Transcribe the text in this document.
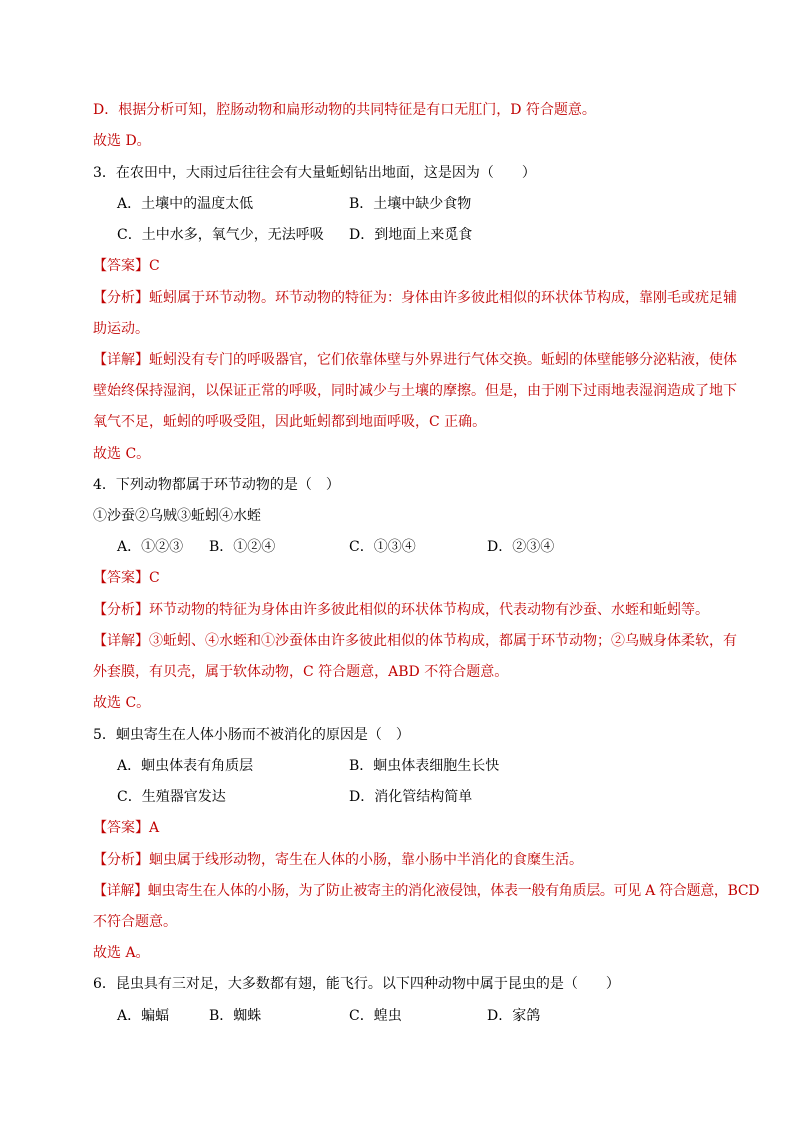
D．根据分析可知，腔肠动物和扁形动物的共同特征是有口无肛门，D 符合题意。
故选 D。
3．在农田中，大雨过后往往会有大量蚯蚓钻出地面，这是因为（　　）
A．土壤中的温度太低	B．土壤中缺少食物
C．土中水多，氧气少，无法呼吸 D．到地面上来觅食
【答案】C
【分析】蚯蚓属于环节动物。环节动物的特征为：身体由许多彼此相似的环状体节构成，靠刚毛或疣足辅
助运动。
【详解】蚯蚓没有专门的呼吸器官，它们依靠体壁与外界进行气体交换。蚯蚓的体壁能够分泌粘液，使体
壁始终保持湿润，以保证正常的呼吸，同时减少与土壤的摩擦。但是，由于刚下过雨地表湿润造成了地下
氧气不足，蚯蚓的呼吸受阻，因此蚯蚓都到地面呼吸，C 正确。
故选 C。
4．下列动物都属于环节动物的是（　）
①沙蚕②乌贼③蚯蚓④水蛭
A．①②③ B．①②④	C．①③④	D．②③④
【答案】C
【分析】环节动物的特征为身体由许多彼此相似的环状体节构成，代表动物有沙蚕、水蛭和蚯蚓等。
【详解】③蚯蚓、④水蛭和①沙蚕体由许多彼此相似的体节构成，都属于环节动物；②乌贼身体柔软，有
外套膜，有贝壳，属于软体动物，C 符合题意，ABD 不符合题意。
故选 C。
5．蛔虫寄生在人体小肠而不被消化的原因是（　）
A．蛔虫体表有角质层	B．蛔虫体表细胞生长快
C．生殖器官发达	D．消化管结构简单
【答案】A
【分析】蛔虫属于线形动物，寄生在人体的小肠，靠小肠中半消化的食糜生活。
【详解】蛔虫寄生在人体的小肠，为了防止被寄主的消化液侵蚀，体表一般有角质层。可见 A 符合题意，BCD
不符合题意。
故选 A。
6．昆虫具有三对足，大多数都有翅，能飞行。以下四种动物中属于昆虫的是（　　）
A．蝙蝠	B．蜘蛛	C．蝗虫	D．家鸽
